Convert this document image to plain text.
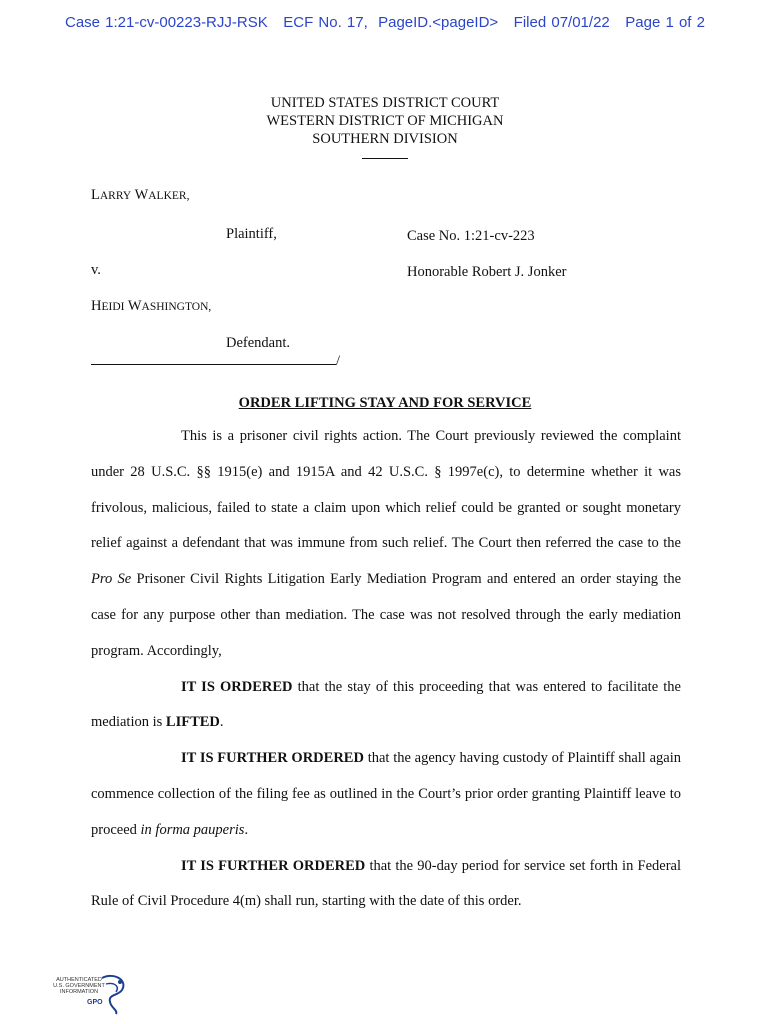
Case 1:21-cv-00223-RJJ-RSK   ECF No. 17,  PageID.<pageID>   Filed 07/01/22   Page 1 of 2
UNITED STATES DISTRICT COURT
WESTERN DISTRICT OF MICHIGAN
SOUTHERN DIVISION
LARRY WALKER,
Plaintiff,	Case No. 1:21-cv-223
v.	Honorable Robert J. Jonker
HEIDI WASHINGTON,
Defendant.
/
ORDER LIFTING STAY AND FOR SERVICE

This is a prisoner civil rights action. The Court previously reviewed the complaint under 28 U.S.C. §§ 1915(e) and 1915A and 42 U.S.C. § 1997e(c), to determine whether it was frivolous, malicious, failed to state a claim upon which relief could be granted or sought monetary relief against a defendant that was immune from such relief. The Court then referred the case to the Pro Se Prisoner Civil Rights Litigation Early Mediation Program and entered an order staying the case for any purpose other than mediation. The case was not resolved through the early mediation program. Accordingly,

IT IS ORDERED that the stay of this proceeding that was entered to facilitate the mediation is LIFTED.

IT IS FURTHER ORDERED that the agency having custody of Plaintiff shall again commence collection of the filing fee as outlined in the Court’s prior order granting Plaintiff leave to proceed in forma pauperis.

IT IS FURTHER ORDERED that the 90-day period for service set forth in Federal Rule of Civil Procedure 4(m) shall run, starting with the date of this order.

AUTHENTICATED
U.S. GOVERNMENT
INFORMATION
GPO
